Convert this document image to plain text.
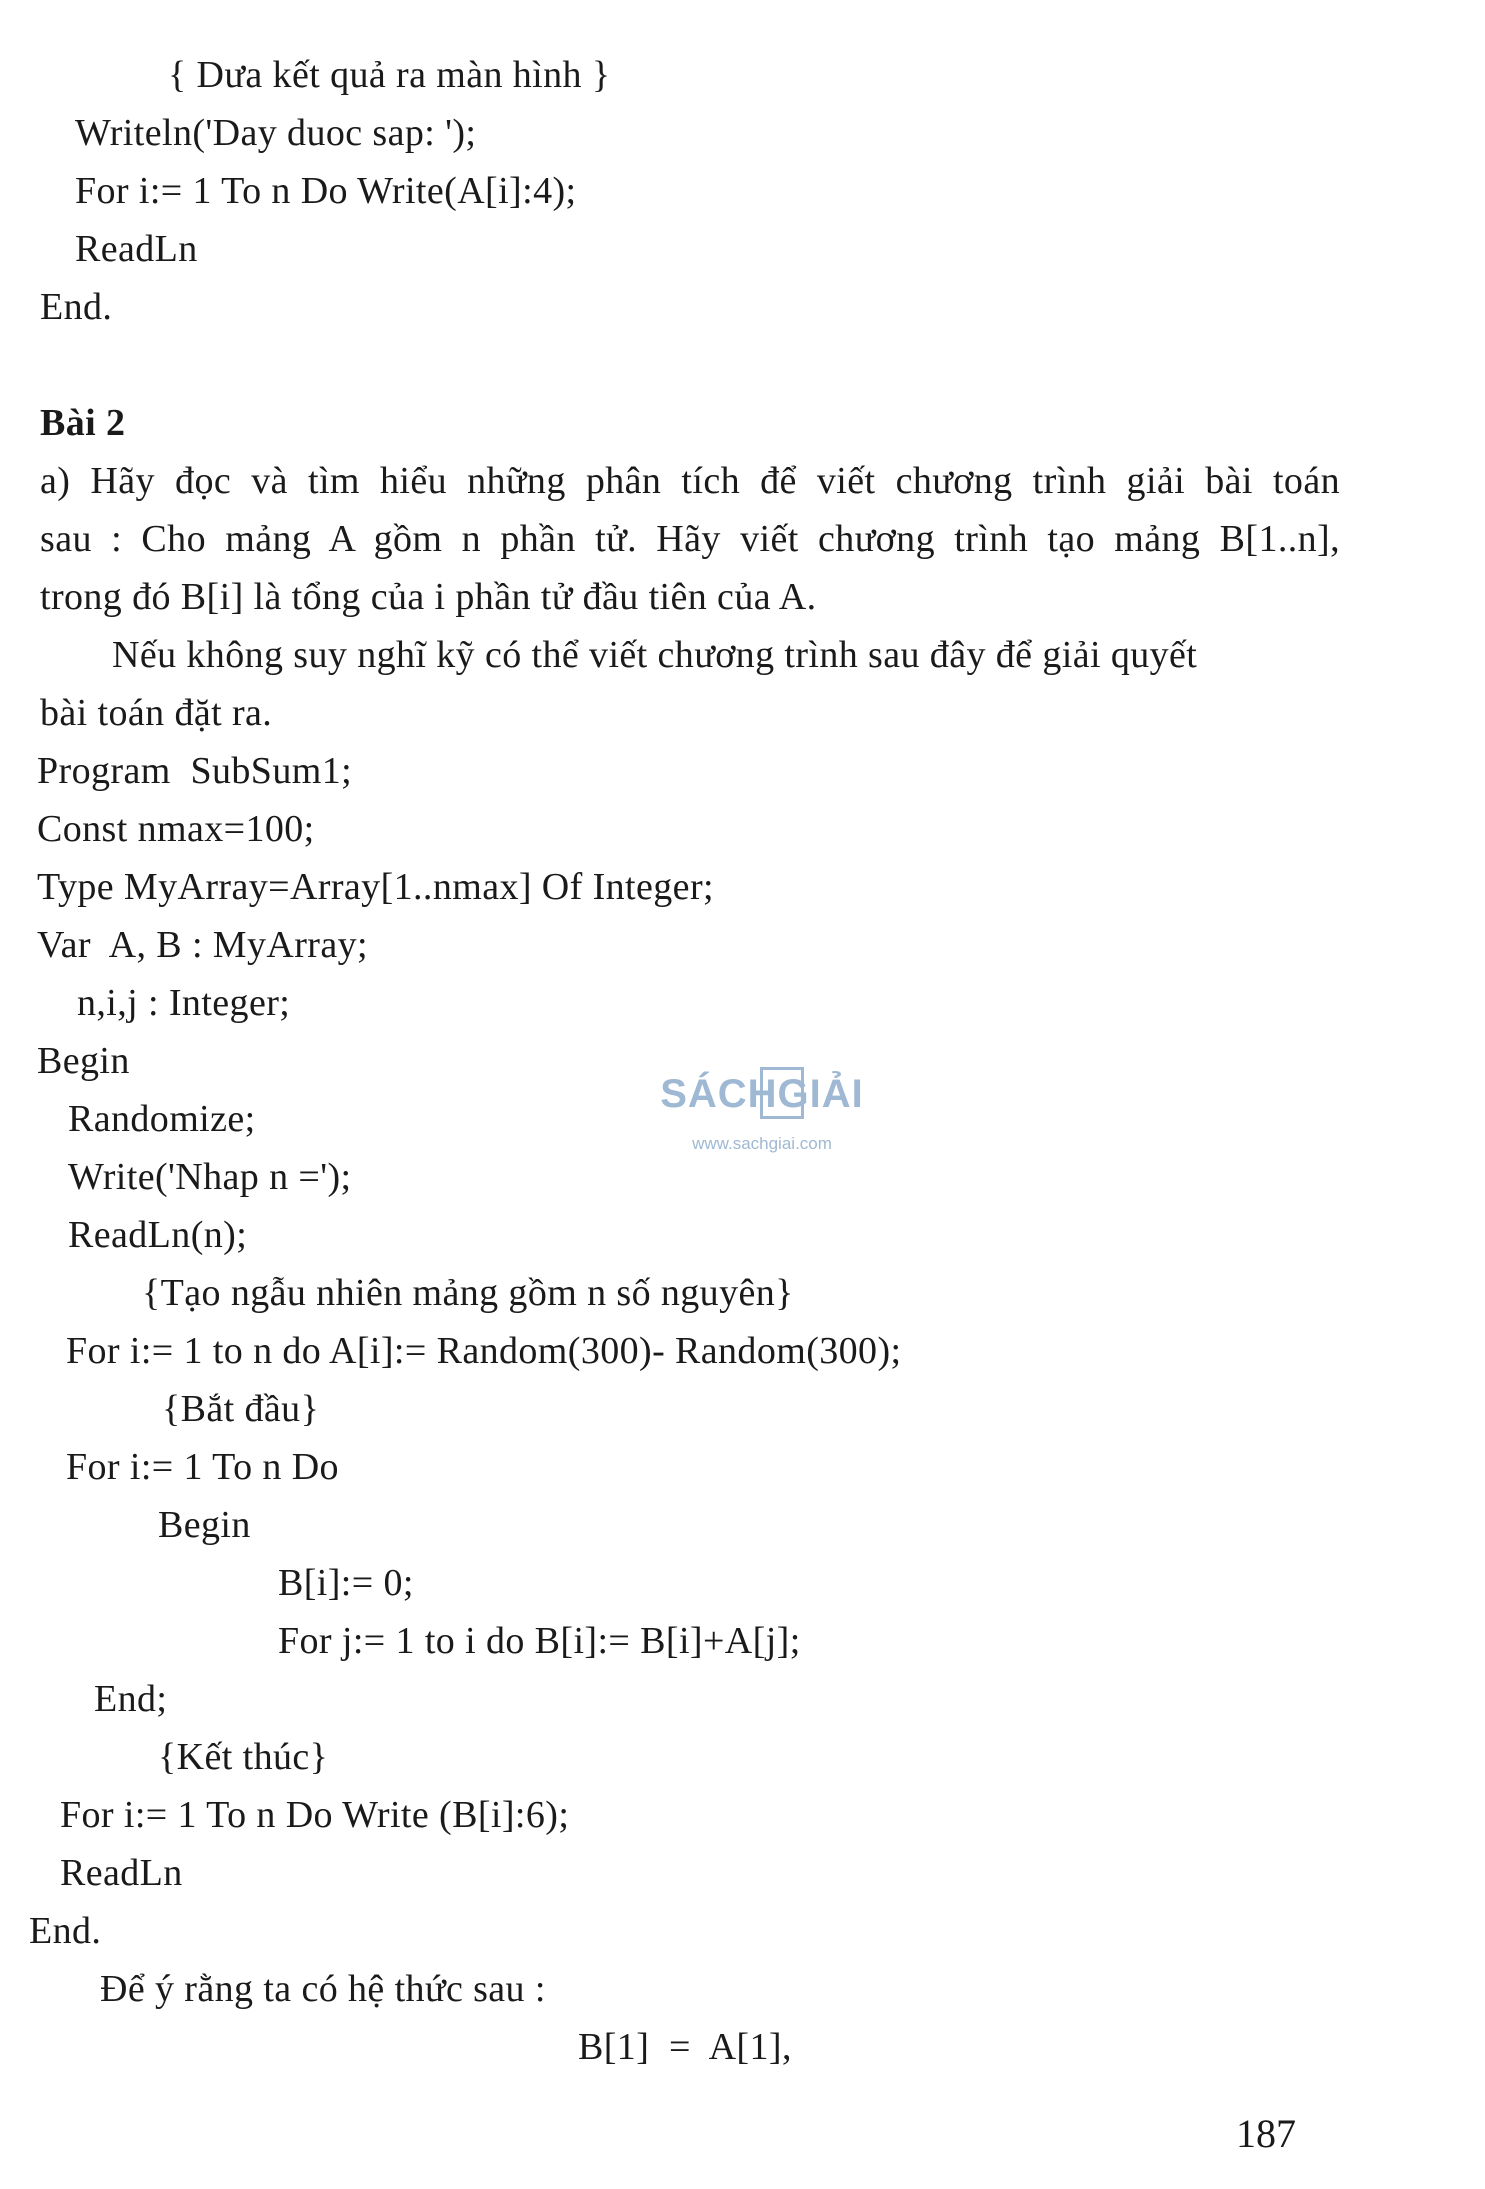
{ Dưa kết quả ra màn hình }
Writeln('Day duoc sap: ');
For i:= 1 To n Do Write(A[i]:4);
ReadLn
End.
Bài 2
a) Hãy đọc và tìm hiểu những phân tích để viết chương trình giải bài toán
sau : Cho mảng A gồm n phần tử. Hãy viết chương trình tạo mảng B[1..n],
trong đó B[i] là tổng của i phần tử đầu tiên của A.
Nếu không suy nghĩ kỹ có thể viết chương trình sau đây để giải quyết
bài toán đặt ra.
Program  SubSum1;
Const nmax=100;
Type MyArray=Array[1..nmax] Of Integer;
Var  A, B : MyArray;
n,i,j : Integer;
Begin
Randomize;
Write('Nhap n =');
ReadLn(n);
{Tạo ngẫu nhiên mảng gồm n số nguyên}
For i:= 1 to n do A[i]:= Random(300)- Random(300);
{Bắt đầu}
For i:= 1 To n Do
Begin
B[i]:= 0;
For j:= 1 to i do B[i]:= B[i]+A[j];
End;
{Kết thúc}
For i:= 1 To n Do Write (B[i]:6);
ReadLn
End.
Để ý rằng ta có hệ thức sau :
B[1]  =  A[1],
SÁCHGIẢI
www.sachgiai.com
187
